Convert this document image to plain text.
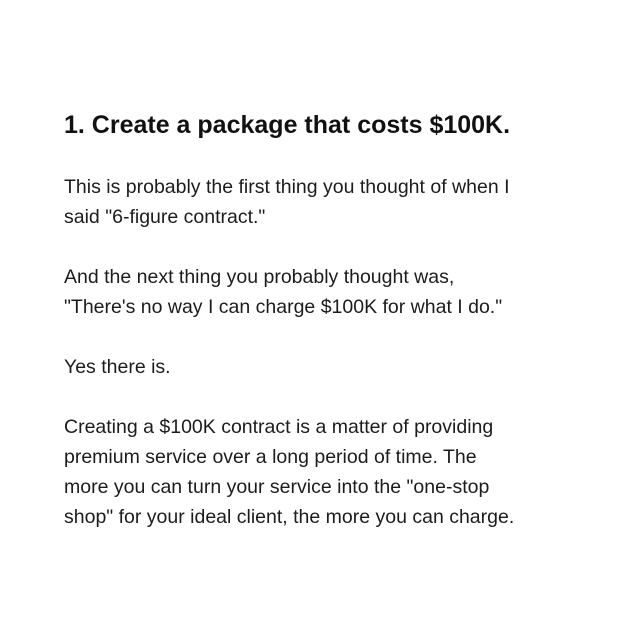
1. Create a package that costs $100K.

This is probably the first thing you thought of when I
said "6-figure contract."

And the next thing you probably thought was,
"There's no way I can charge $100K for what I do."

Yes there is.

Creating a $100K contract is a matter of providing
premium service over a long period of time. The
more you can turn your service into the "one-stop
shop" for your ideal client, the more you can charge.
